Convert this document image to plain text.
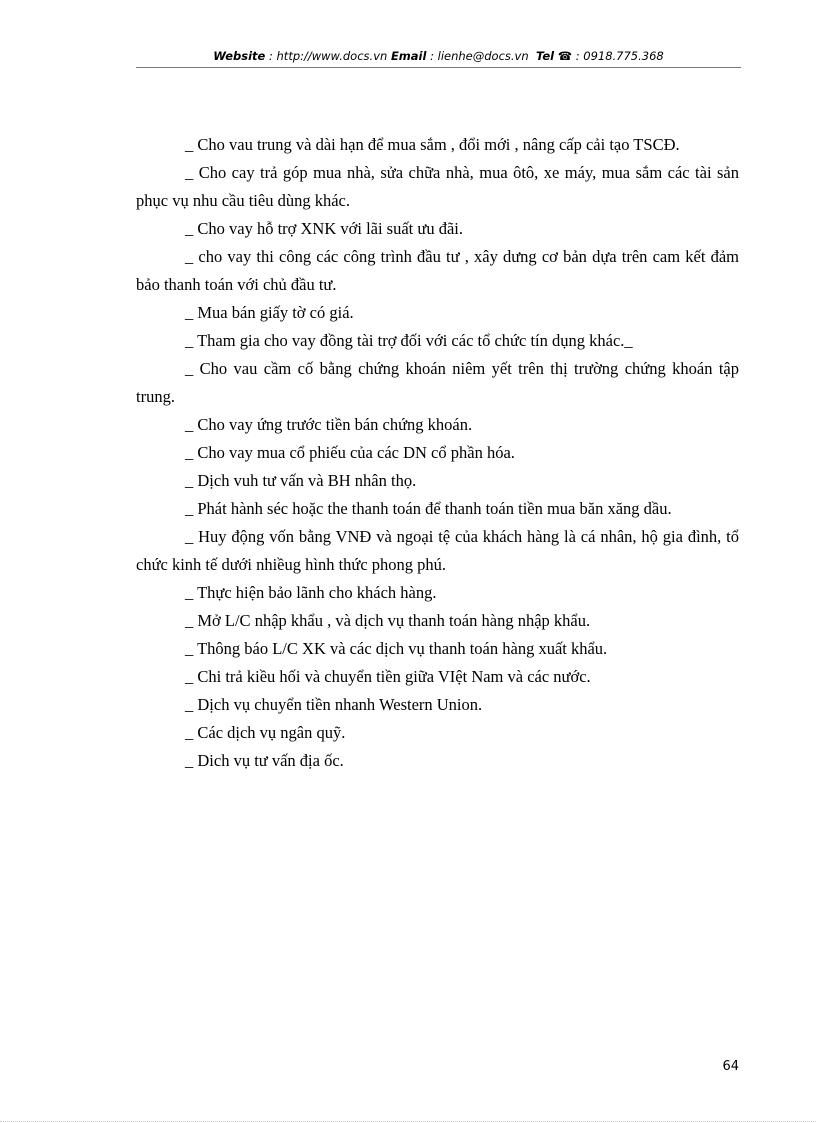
Website : http://www.docs.vn Email : lienhe@docs.vn Tel ☎ : 0918.775.368

_ Cho vau trung và dài hạn để mua sắm , đổi mới , nâng cấp cải tạo TSCĐ.

_ Cho cay trả góp mua nhà, sửa chữa nhà, mua ôtô, xe máy, mua sắm các tài sản phục vụ nhu cầu tiêu dùng khác.

_ Cho vay hỗ trợ XNK với lãi suất ưu đãi.

_ cho vay thi công các công trình đầu tư , xây dưng cơ bản dựa trên cam kết đảm bảo thanh toán với chủ đầu tư.

_ Mua bán giấy tờ có giá.

_ Tham gia cho vay đồng tài trợ đối với các tổ chức tín dụng khác._

_ Cho vau cầm cố bằng chứng khoán niêm yết trên thị trường chứng khoán tập trung.

_ Cho vay ứng trước tiền bán chứng khoán.

_ Cho vay mua cổ phiếu của các DN cổ phần hóa.

_ Dịch vuh tư vấn và BH nhân thọ.

_ Phát hành séc hoặc the thanh toán để thanh toán tiền mua băn xăng dầu.

_ Huy động vốn bằng VNĐ và ngoại tệ của khách hàng là cá nhân, hộ gia đình, tổ chức kinh tế dưới nhiềug hình thức phong phú.

_ Thực hiện bảo lãnh cho khách hàng.

_ Mở L/C nhập khẩu , và dịch vụ thanh toán hàng nhập khẩu.

_ Thông báo L/C XK và các dịch vụ thanh toán hàng xuất khẩu.

_ Chi trả kiều hối và chuyển tiền giữa VIệt Nam và các nước.

_ Dịch vụ chuyển tiền nhanh Western Union.

_ Các dịch vụ ngân quỹ.

_ Dich vụ tư vấn địa ốc.

64
